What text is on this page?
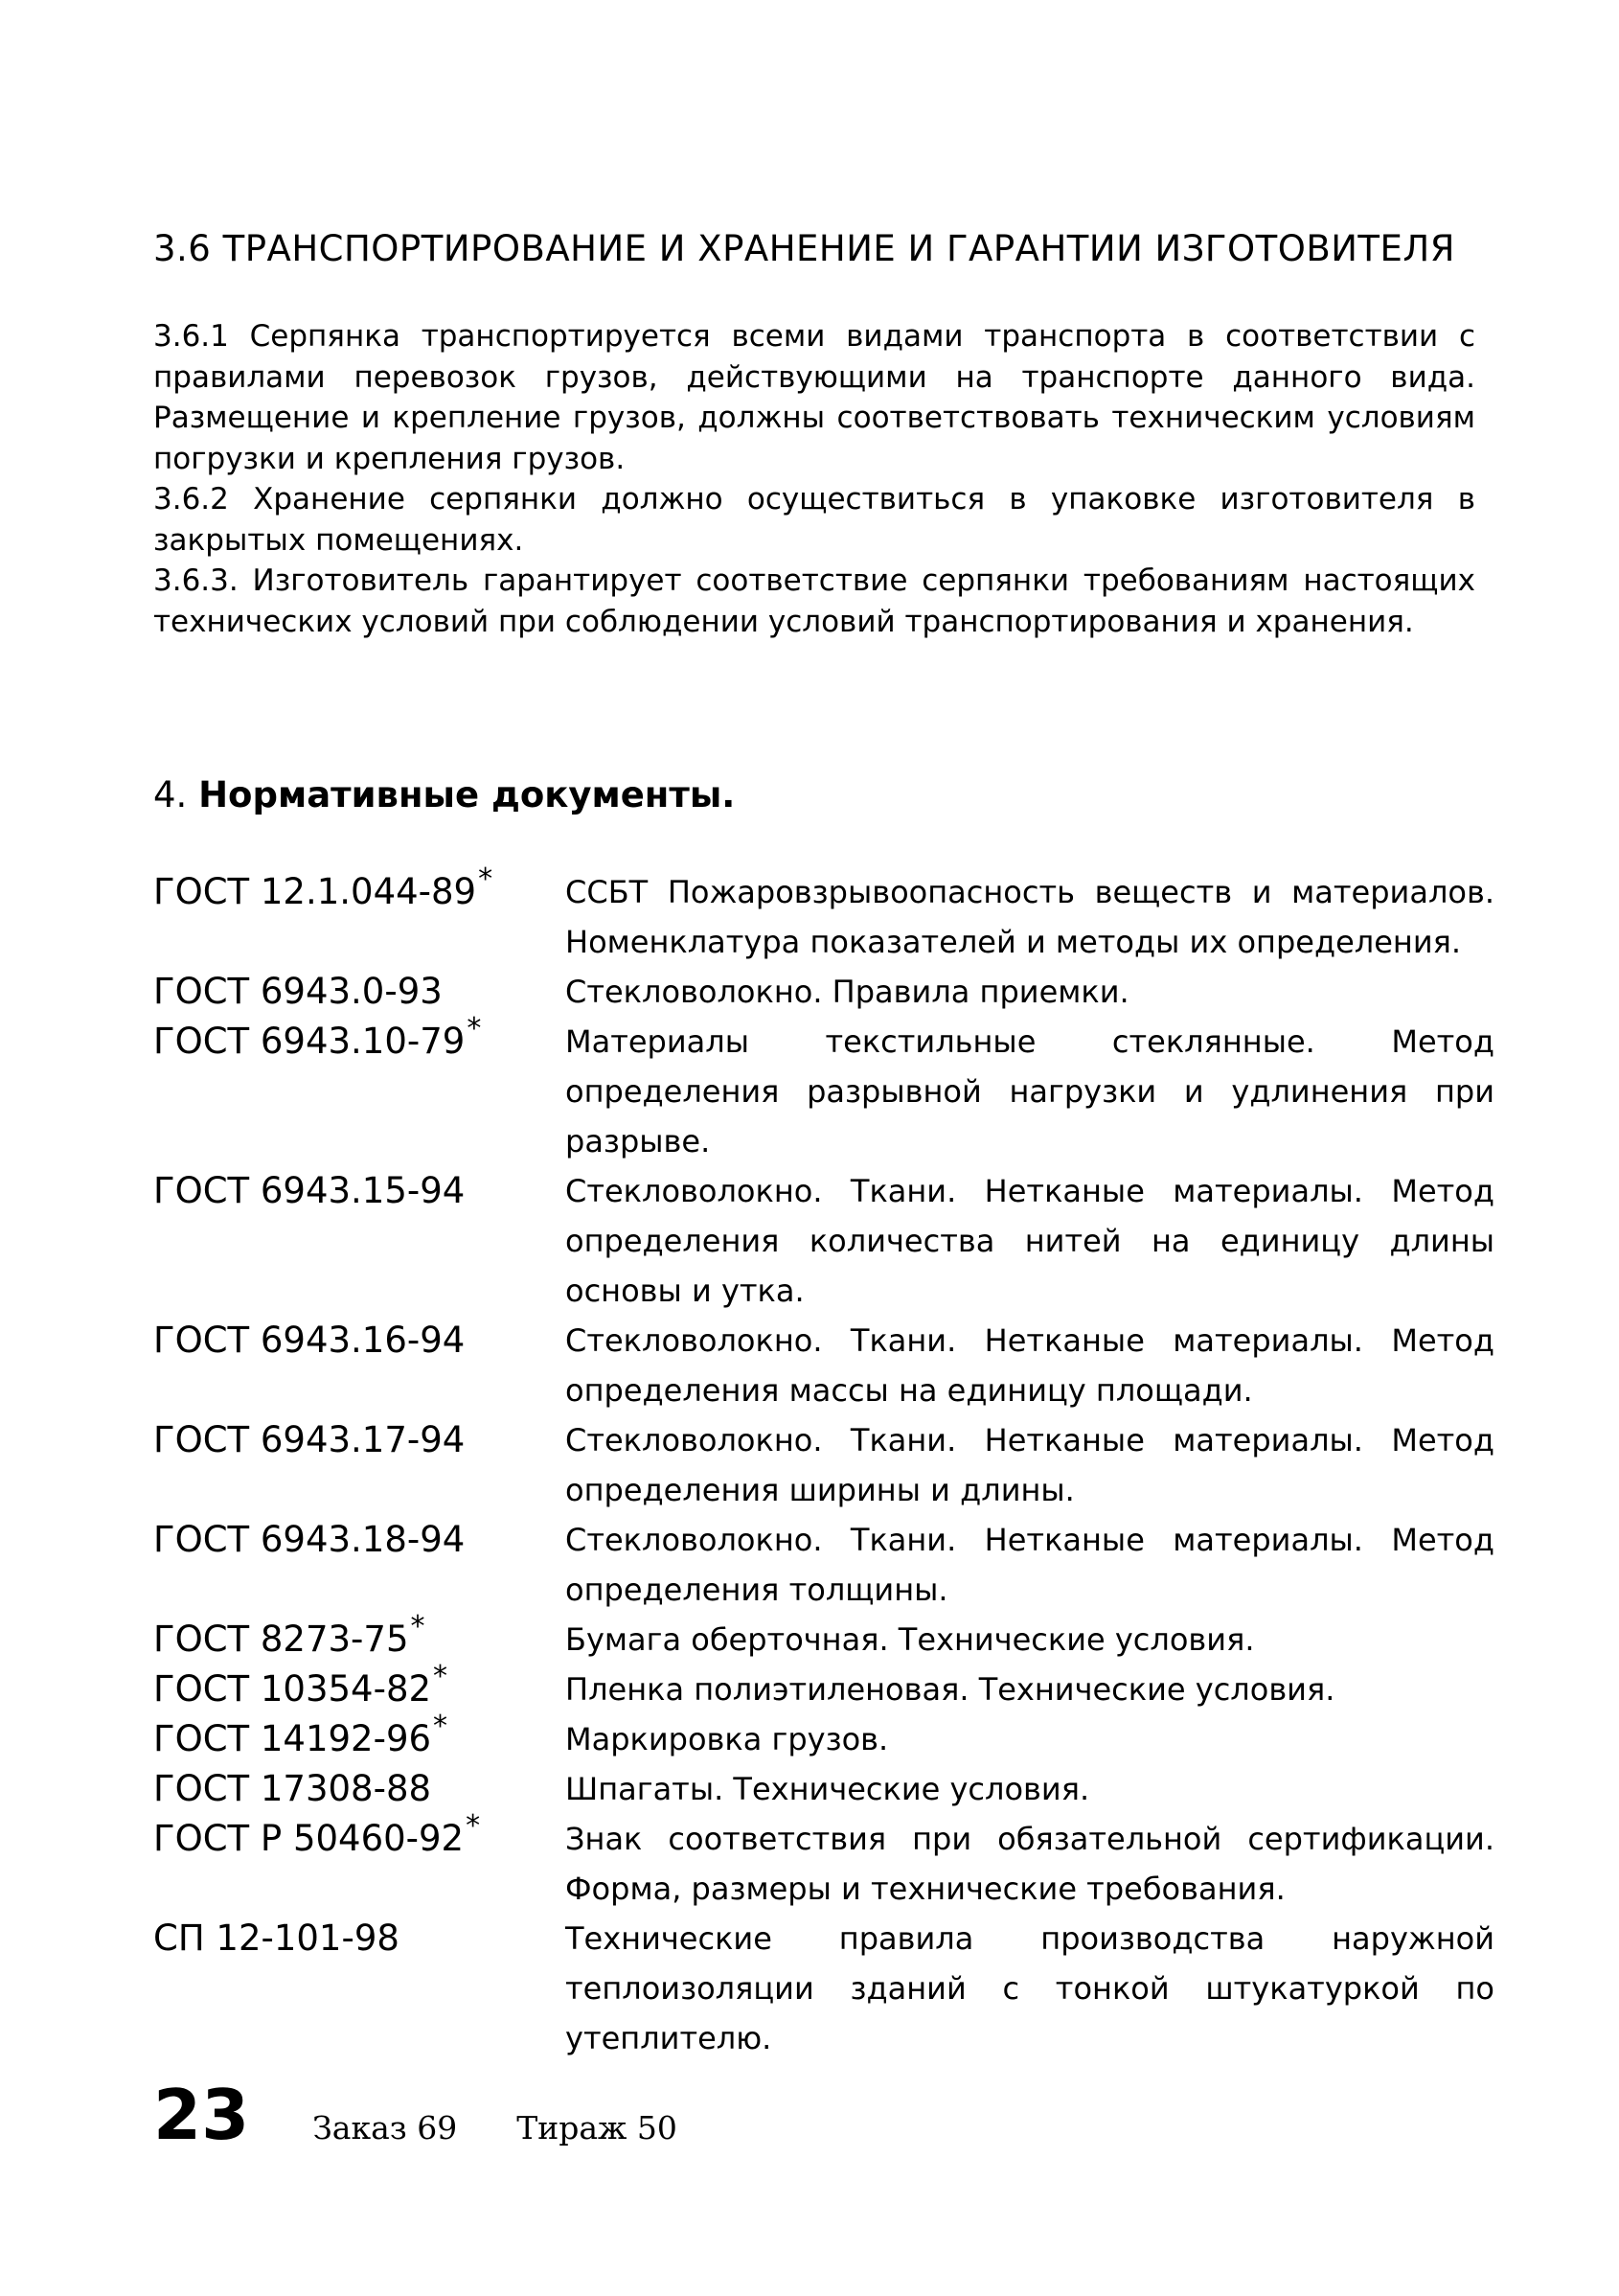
3.6 ТРАНСПОРТИРОВАНИЕ И ХРАНЕНИЕ И ГАРАНТИИ ИЗГОТОВИТЕЛЯ

3.6.1 Серпянка транспортируется всеми видами транспорта в соответствии с правилами перевозок грузов, действующими на транспорте данного вида. Размещение и крепление грузов, должны соответствовать техническим условиям погрузки и крепления грузов.

3.6.2 Хранение серпянки должно осуществиться в упаковке изготовителя в закрытых помещениях.

3.6.3. Изготовитель гарантирует соответствие серпянки требованиям настоящих технических условий при соблюдении условий транспортирования и хранения.

4. Нормативные документы.
ГОСТ 12.1.044-89*	ССБТ Пожаровзрывоопасность веществ и материалов. Номенклатура показателей и методы их определения.
ГОСТ 6943.0-93	Стекловолокно. Правила приемки.
ГОСТ 6943.10-79*	Материалы текстильные стеклянные. Метод определения разрывной нагрузки и удлинения при разрыве.
ГОСТ 6943.15-94	Стекловолокно. Ткани. Нетканые материалы. Метод определения количества нитей на единицу длины основы и утка.
ГОСТ 6943.16-94	Стекловолокно. Ткани. Нетканые материалы. Метод определения массы на единицу площади.
ГОСТ 6943.17-94	Стекловолокно. Ткани. Нетканые материалы. Метод определения ширины и длины.
ГОСТ 6943.18-94	Стекловолокно. Ткани. Нетканые материалы. Метод определения толщины.
ГОСТ 8273-75*	Бумага оберточная. Технические условия.
ГОСТ 10354-82*	Пленка полиэтиленовая. Технические условия.
ГОСТ 14192-96*	Маркировка грузов.
ГОСТ 17308-88	Шпагаты. Технические условия.
ГОСТ Р 50460-92*	Знак соответствия при обязательной сертификации. Форма, размеры и технические требования.
СП 12-101-98	Технические правила производства наружной теплоизоляции зданий с тонкой штукатуркой по утеплителю.
23 Заказ 69 Тираж 50
